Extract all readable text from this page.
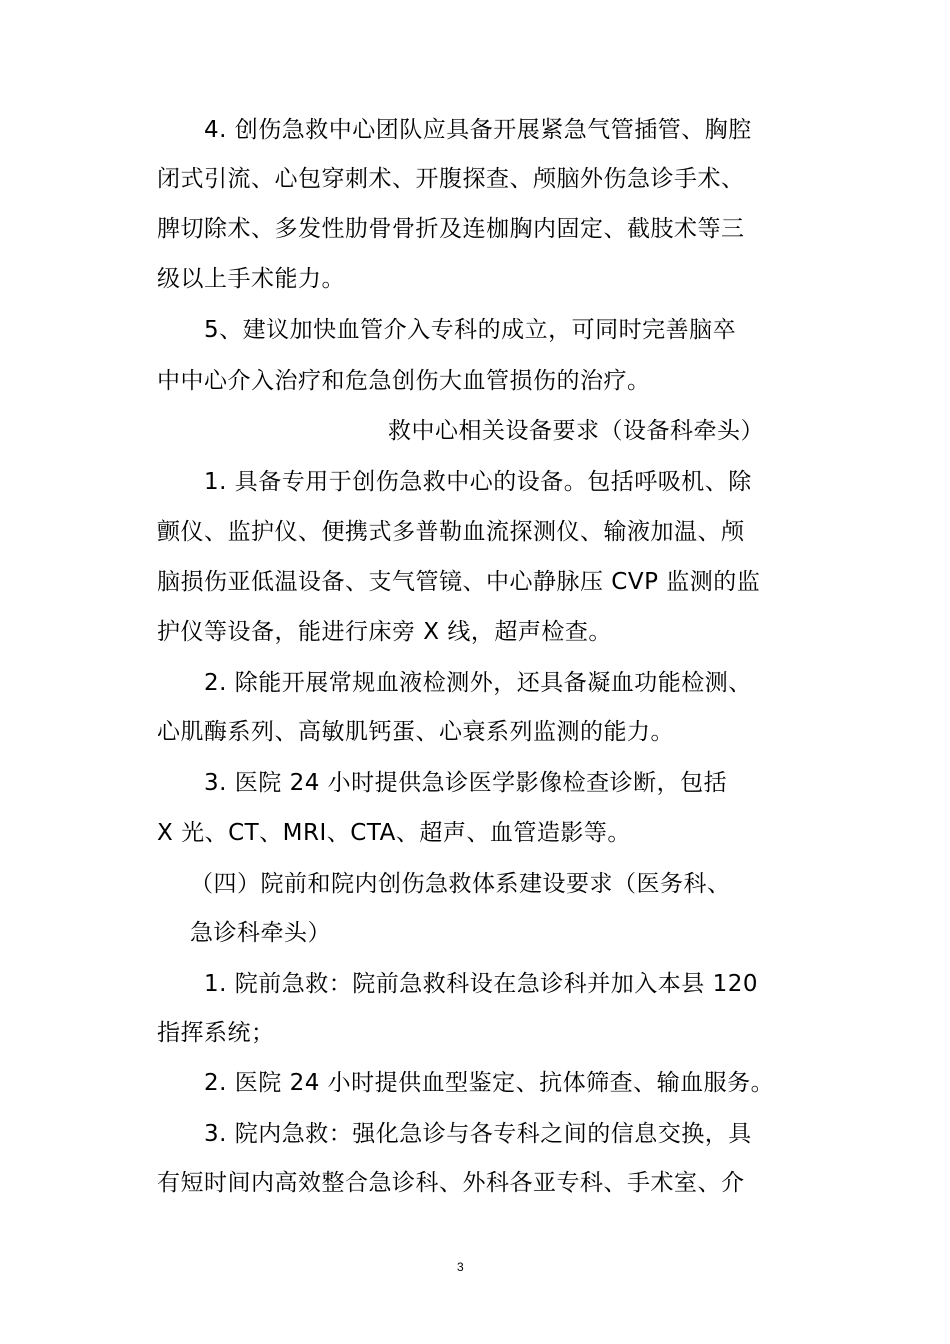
4. 创伤急救中心团队应具备开展紧急气管插管、胸腔
闭式引流、心包穿刺术、开腹探查、颅脑外伤急诊手术、
脾切除术、多发性肋骨骨折及连枷胸内固定、截肢术等三
级以上手术能力。
5、建议加快血管介入专科的成立，可同时完善脑卒
中中心介入治疗和危急创伤大血管损伤的治疗。
救中心相关设备要求（设备科牵头）
1. 具备专用于创伤急救中心的设备。包括呼吸机、除
颤仪、监护仪、便携式多普勒血流探测仪、输液加温、颅
脑损伤亚低温设备、支气管镜、中心静脉压 CVP 监测的监
护仪等设备，能进行床旁 X 线，超声检查。
2. 除能开展常规血液检测外，还具备凝血功能检测、
心肌酶系列、高敏肌钙蛋、心衰系列监测的能力。
3. 医院 24 小时提供急诊医学影像检查诊断，包括
X 光、CT、MRI、CTA、超声、血管造影等。
（四）院前和院内创伤急救体系建设要求（医务科、
急诊科牵头）
1. 院前急救：院前急救科设在急诊科并加入本县 120
指挥系统；
2. 医院 24 小时提供血型鉴定、抗体筛查、输血服务。
3. 院内急救：强化急诊与各专科之间的信息交换，具
有短时间内高效整合急诊科、外科各亚专科、手术室、介
3
